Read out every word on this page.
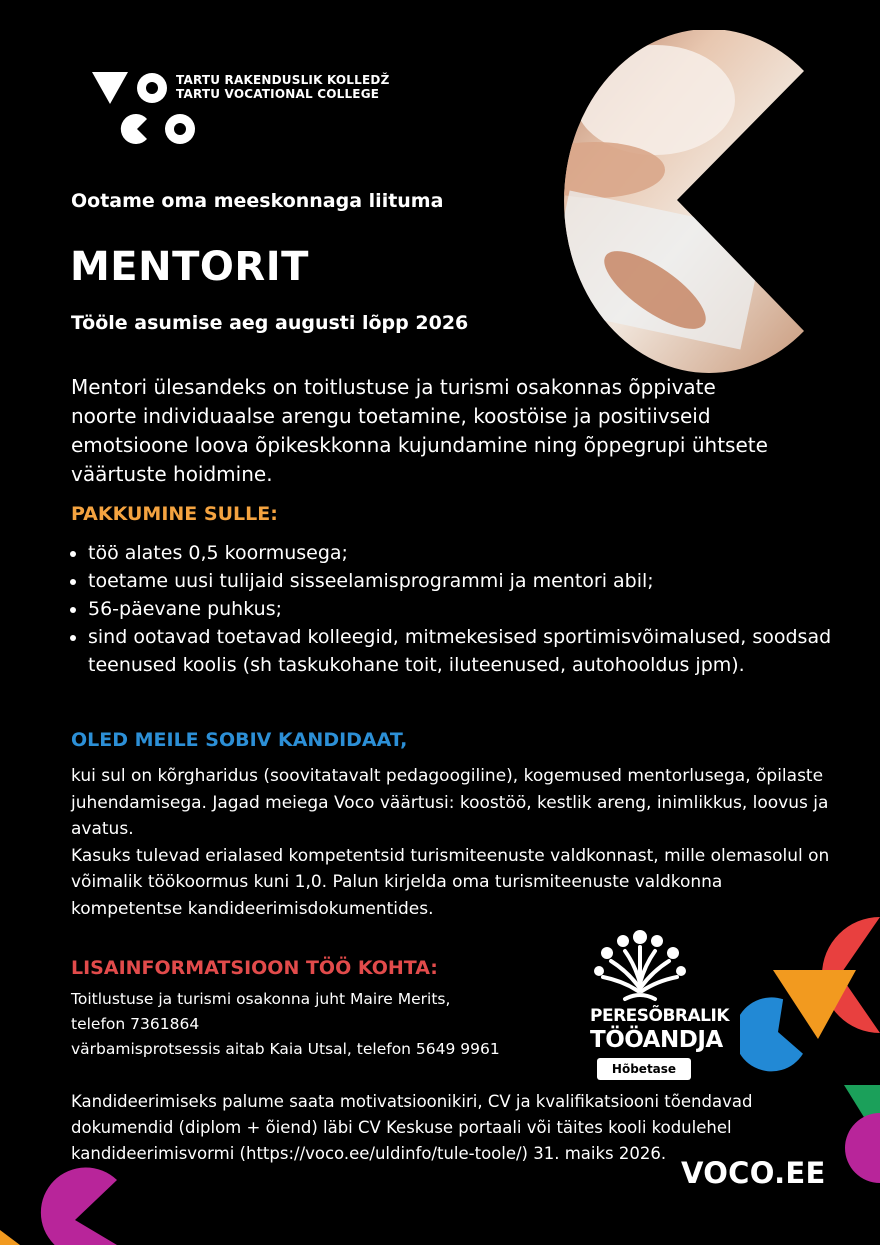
TARTU RAKENDUSLIK KOLLEDŽ
TARTU VOCATIONAL COLLEGE
Ootame oma meeskonnaga liituma
MENTORIT
Tööle asumise aeg augusti lõpp 2026
Mentori ülesandeks on toitlustuse ja turismi osakonnas õppivate noorte individuaalse arengu toetamine, koostöise ja positiivseid emotsioone loova õpikeskkonna kujundamine ning õppegrupi ühtsete väärtuste hoidmine.
PAKKUMINE SULLE:
• töö alates 0,5 koormusega;
• toetame uusi tulijaid sisseelamisprogrammi ja mentori abil;
• 56-päevane puhkus;
• sind ootavad toetavad kolleegid, mitmekesised sportimisvõimalused, soodsad teenused koolis (sh taskukohane toit, iluteenused, autohooldus jpm).
OLED MEILE SOBIV KANDIDAAT,
kui sul on kõrgharidus (soovitatavalt pedagoogiline), kogemused mentorlusega, õpilaste juhendamisega. Jagad meiega Voco väärtusi: koostöö, kestlik areng, inimlikkus, loovus ja avatus.
Kasuks tulevad erialased kompetentsid turismiteenuste valdkonnast, mille olemasolul on võimalik töökoormus kuni 1,0. Palun kirjelda oma turismiteenuste valdkonna kompetentse kandideerimisdokumentides.
LISAINFORMATSIOON TÖÖ KOHTA:
Toitlustuse ja turismi osakonna juht Maire Merits,
telefon 7361864
värbamisprotsessis aitab Kaia Utsal, telefon 5649 9961
PERESÕBRALIK
TÖÖANDJA
Hõbetase
Kandideerimiseks palume saata motivatsioonikiri, CV ja kvalifikatsiooni tõendavad dokumendid (diplom + õiend) läbi CV Keskuse portaali või täites kooli kodulehel kandideerimisvormi (https://voco.ee/uldinfo/tule-toole/) 31. maiks 2026.
VOCO.EE
